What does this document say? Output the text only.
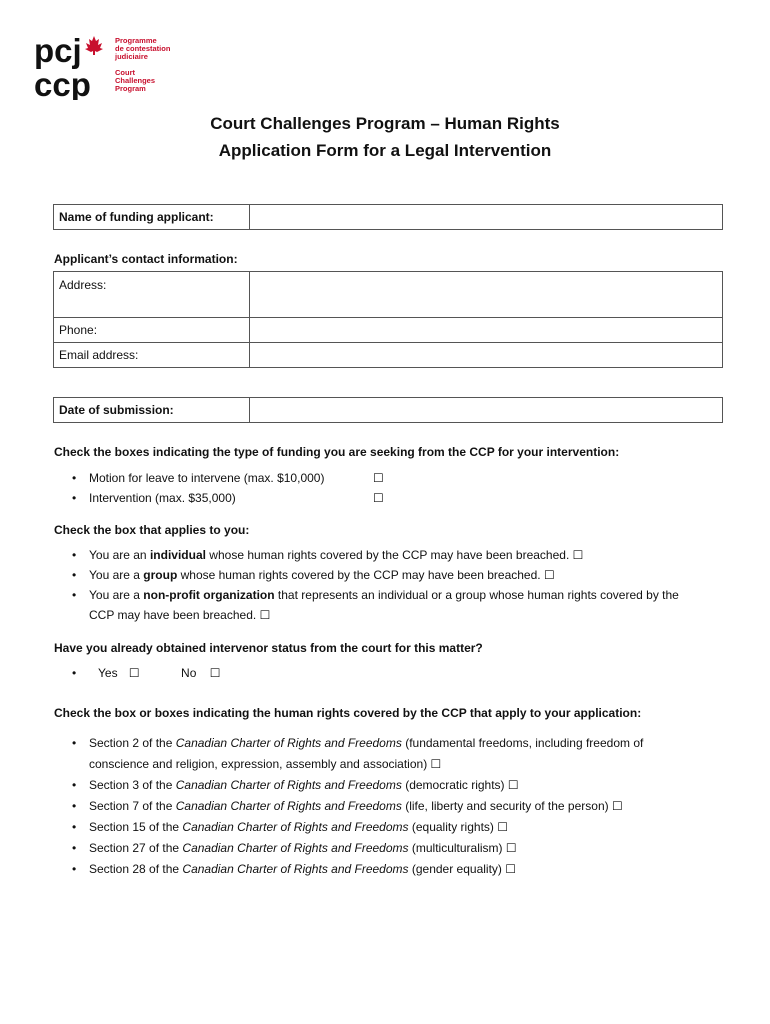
pcj
ccp
Programme
de contestation
judiciaire
Court
Challenges
Program
Court Challenges Program – Human Rights
Application Form for a Legal Intervention
Name of funding applicant:	
Applicant’s contact information:
Address:	
Phone:	
Email address:	
Date of submission:	
Check the boxes indicating the type of funding you are seeking from the CCP for your intervention:
• Motion for leave to intervene (max. $10,000)	☐
• Intervention (max. $35,000)	☐
Check the box that applies to you:
• You are an individual whose human rights covered by the CCP may have been breached. ☐
• You are a group whose human rights covered by the CCP may have been breached. ☐
• You are a non-profit organization that represents an individual or a group whose human rights covered by the
CCP may have been breached. ☐
Have you already obtained intervenor status from the court for this matter?
• Yes ☐	No ☐
Check the box or boxes indicating the human rights covered by the CCP that apply to your application:
• Section 2 of the Canadian Charter of Rights and Freedoms (fundamental freedoms, including freedom of
conscience and religion, expression, assembly and association) ☐
• Section 3 of the Canadian Charter of Rights and Freedoms (democratic rights) ☐
• Section 7 of the Canadian Charter of Rights and Freedoms (life, liberty and security of the person) ☐
• Section 15 of the Canadian Charter of Rights and Freedoms (equality rights) ☐
• Section 27 of the Canadian Charter of Rights and Freedoms (multiculturalism) ☐
• Section 28 of the Canadian Charter of Rights and Freedoms (gender equality) ☐
